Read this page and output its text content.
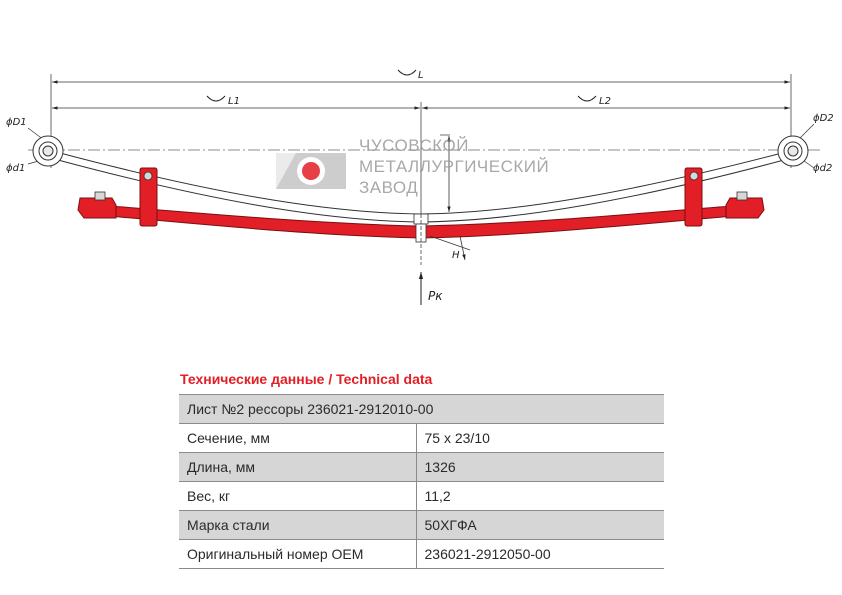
L
L1	L2
ϕD1
ϕd1
ϕD2
ϕd2
H
Pк
ЧУСОВСКОЙ
МЕТАЛЛУРГИЧЕСКИЙ
ЗАВОД
Технические данные / Technical data
Лист №2 рессоры 236021-2912010-00	
Сечение, мм	75 x 23/10
Длина, мм	1326
Вес, кг	11,2
Марка стали	50ХГФА
Оригинальный номер OEM	236021-2912050-00
